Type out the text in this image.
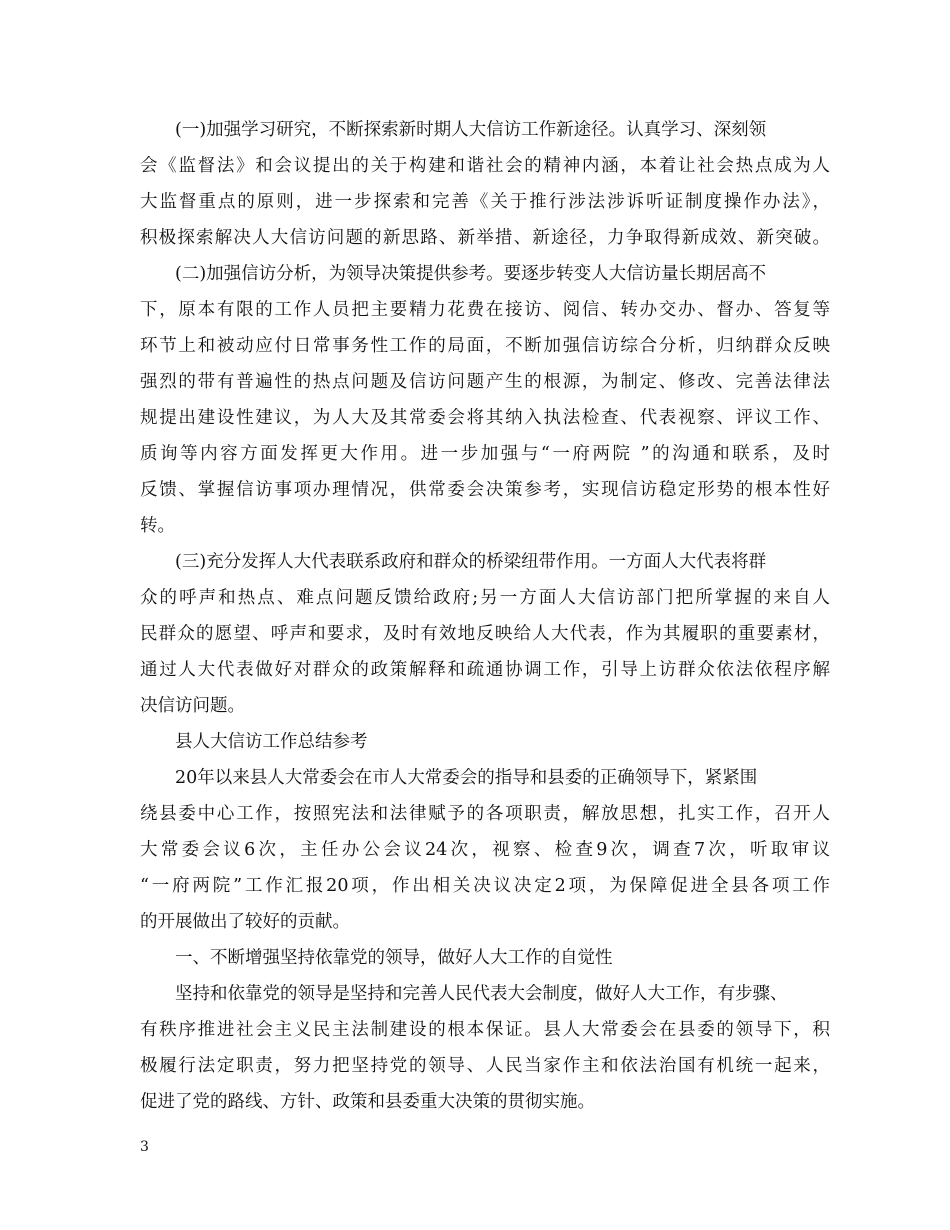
(一)加强学习研究，不断探索新时期人大信访工作新途径。认真学习、深刻领
会《监督法》和会议提出的关于构建和谐社会的精神内涵，本着让社会热点成为人
大监督重点的原则，进一步探索和完善《关于推行涉法涉诉听证制度操作办法》，
积极探索解决人大信访问题的新思路、新举措、新途径，力争取得新成效、新突破。
(二)加强信访分析，为领导决策提供参考。要逐步转变人大信访量长期居高不
下，原本有限的工作人员把主要精力花费在接访、阅信、转办交办、督办、答复等
环节上和被动应付日常事务性工作的局面，不断加强信访综合分析，归纳群众反映
强烈的带有普遍性的热点问题及信访问题产生的根源，为制定、修改、完善法律法
规提出建设性建议，为人大及其常委会将其纳入执法检查、代表视察、评议工作、
质询等内容方面发挥更大作用。进一步加强与“一府两院 ”的沟通和联系，及时
反馈、掌握信访事项办理情况，供常委会决策参考，实现信访稳定形势的根本性好
转。
(三)充分发挥人大代表联系政府和群众的桥梁纽带作用。一方面人大代表将群
众的呼声和热点、难点问题反馈给政府;另一方面人大信访部门把所掌握的来自人
民群众的愿望、呼声和要求，及时有效地反映给人大代表，作为其履职的重要素材，
通过人大代表做好对群众的政策解释和疏通协调工作，引导上访群众依法依程序解
决信访问题。
县人大信访工作总结参考
20年以来县人大常委会在市人大常委会的指导和县委的正确领导下，紧紧围
绕县委中心工作，按照宪法和法律赋予的各项职责，解放思想，扎实工作，召开人
大常委会议6次，主任办公会议24次，视察、检查9次，调查7次，听取审议
“一府两院”工作汇报20项，作出相关决议决定2项，为保障促进全县各项工作
的开展做出了较好的贡献。
一、不断增强坚持依靠党的领导，做好人大工作的自觉性
坚持和依靠党的领导是坚持和完善人民代表大会制度，做好人大工作，有步骤、
有秩序推进社会主义民主法制建设的根本保证。县人大常委会在县委的领导下，积
极履行法定职责，努力把坚持党的领导、人民当家作主和依法治国有机统一起来，
促进了党的路线、方针、政策和县委重大决策的贯彻实施。
3
